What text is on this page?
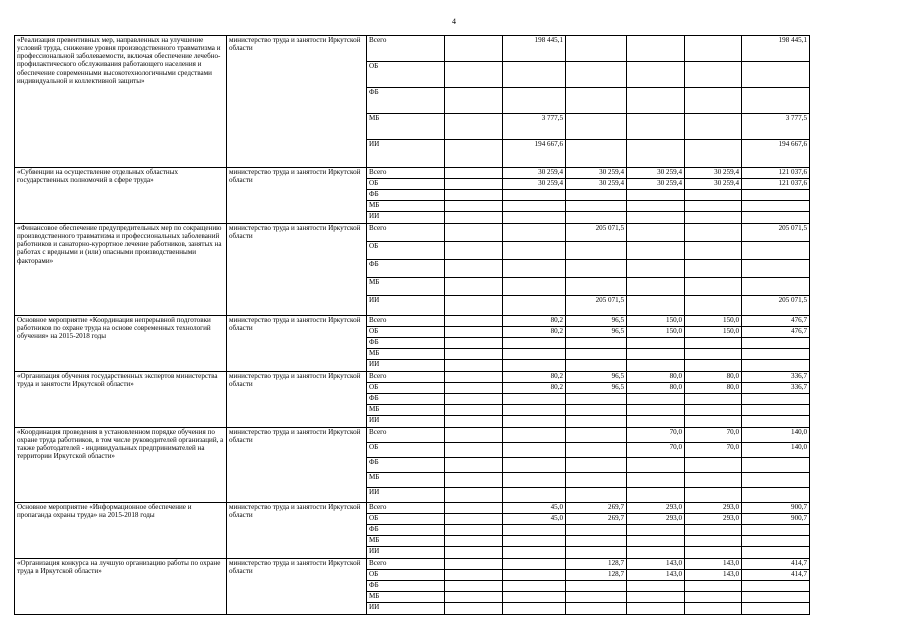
4
«Реализация превентивных мер, направленных на улучшение условий труда, снижение уровня производственного травматизма и профессиональной заболеваемости, включая обеспечение лечебно-профилактического обслуживания работающего населения и обеспечение современными высокотехнологичными средствами индивидуальной и коллективной защиты»	министерство труда и занятости Иркутской области	Всего		198 445,1				198 445,1
		ОБ						
		ФБ						
		МБ		3 777,5				3 777,5
		ИИ		194 667,6				194 667,6
«Субвенции на осуществление отдельных областных государственных полномочий в сфере труда»	министерство труда и занятости Иркутской области	Всего		30 259,4	30 259,4	30 259,4	30 259,4	121 037,6
		ОБ		30 259,4	30 259,4	30 259,4	30 259,4	121 037,6
		ФБ						
		МБ						
		ИИ						
«Финансовое обеспечение предупредительных мер по сокращению производственного травматизма и профессиональных заболеваний работников и санаторно-курортное лечение работников, занятых на работах с вредными и (или) опасными производственными факторами»	министерство труда и занятости Иркутской области	Всего			205 071,5			205 071,5
		ОБ						
		ФБ						
		МБ						
		ИИ			205 071,5			205 071,5
Основное мероприятие «Координация непрерывной подготовки работников по охране труда на основе современных технологий обучения» на 2015-2018 годы	министерство труда и занятости Иркутской области	Всего		80,2	96,5	150,0	150,0	476,7
		ОБ		80,2	96,5	150,0	150,0	476,7
		ФБ						
		МБ						
		ИИ						
«Организация обучения государственных экспертов министерства труда и занятости Иркутской области»	министерство труда и занятости Иркутской области	Всего		80,2	96,5	80,0	80,0	336,7
		ОБ		80,2	96,5	80,0	80,0	336,7
		ФБ						
		МБ						
		ИИ						
«Координация проведения в установленном порядке обучения по охране труда работников, в том числе руководителей организаций, а также работодателей - индивидуальных предпринимателей на территории Иркутской области»	министерство труда и занятости Иркутской области	Всего				70,0	70,0	140,0
		ОБ				70,0	70,0	140,0
		ФБ						
		МБ						
		ИИ						
Основное мероприятие «Информационное обеспечение и пропаганда охраны труда» на 2015-2018 годы	министерство труда и занятости Иркутской области	Всего		45,0	269,7	293,0	293,0	900,7
		ОБ		45,0	269,7	293,0	293,0	900,7
		ФБ						
		МБ						
		ИИ						
«Организация конкурса на лучшую организацию работы по охране труда в Иркутской области»	министерство труда и занятости Иркутской области	Всего			128,7	143,0	143,0	414,7
		ОБ			128,7	143,0	143,0	414,7
		ФБ						
		МБ						
		ИИ						
